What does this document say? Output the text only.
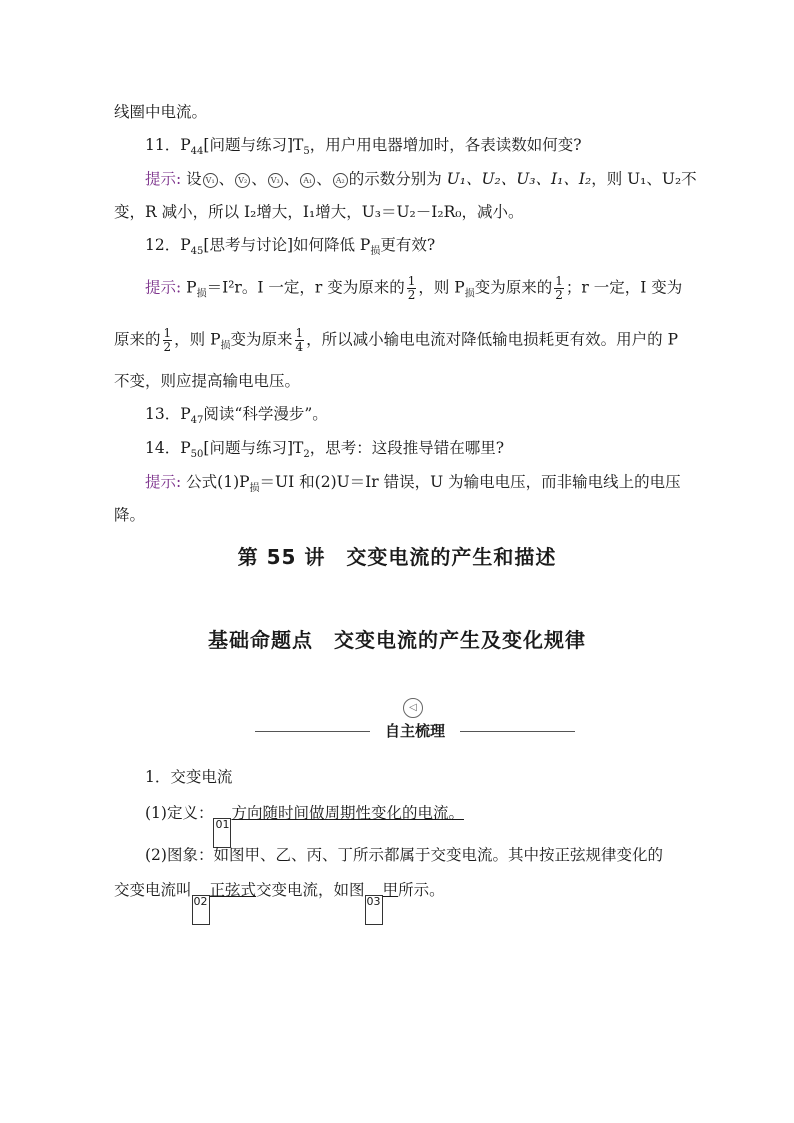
线圈中电流。
11．$P_{44}$[问题与练习]$T_5$，用户用电器增加时，各表读数如何变?
提示: 设 V₁ 、 V₂ 、 V₃ 、 A₁ 、 A₂ 的示数分别为 U₁、U₂、U₃、I₁、I₂，则 U₁、U₂不
变，R 减小，所以 I₂增大，I₁增大，U₃＝U₂－I₂R₀，减小。
12．$P_{45}$[思考与讨论]如何降低 $P_损$更有效?
提示: $P_损=I^2r$。I 一定，r 变为原来的 $\frac{1}{2}$ ，则 $P_损$变为原来的 $\frac{1}{2}$ ；r 一定，I 变为
原来的 $\frac{1}{2}$ ，则 $P_损$变为原来 $\frac{1}{4}$ ，所以减小输电电流对降低输电损耗更有效。用户的 P
不变，则应提高输电电压。
13．$P_{47}$阅读“科学漫步”。
14．$P_{50}$[问题与练习]$T_2$，思考：这段推导错在哪里?
提示: 公式$(1)P_损=UI$ 和(2)U＝Ir 错误，U 为输电电压，而非输电线上的电压
降。
第 55 讲　交变电流的产生和描述
基础命题点　交变电流的产生及变化规律
◁
自主梳理
1．交变电流
(1)定义：01方向随时间做周期性变化的电流。
(2)图象：如图甲、乙、丙、丁所示都属于交变电流。其中按正弦规律变化的
交变电流叫02正弦式交变电流，如图03甲所示。
